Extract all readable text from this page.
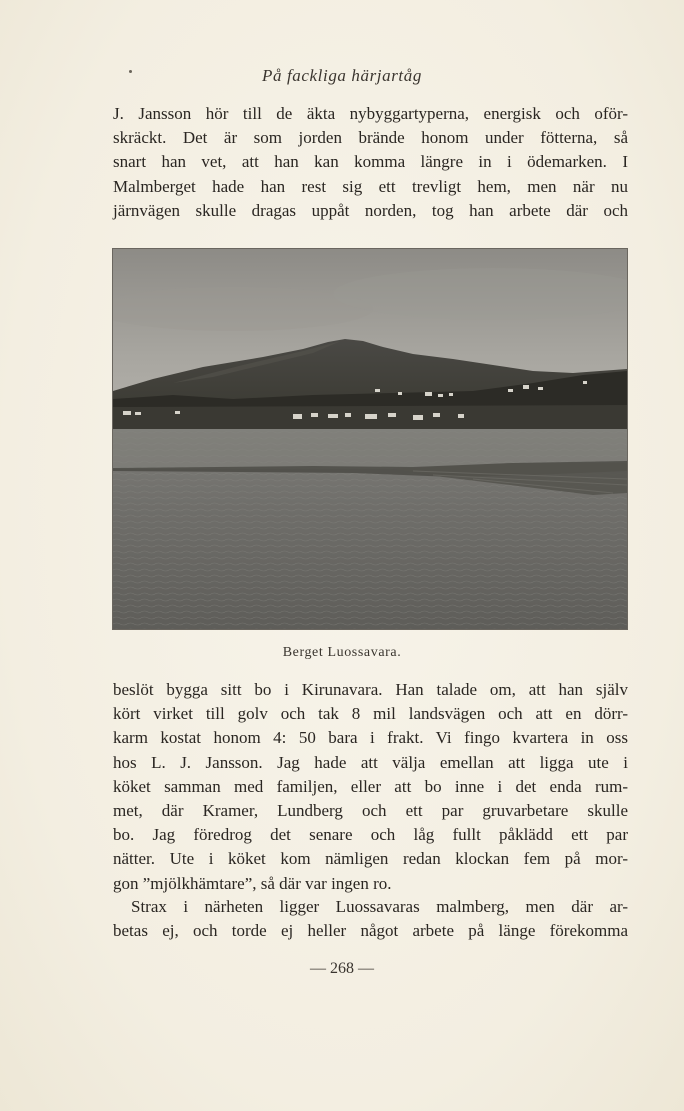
På fackliga härjartåg
J. Jansson hör till de äkta nybyggartyperna, energisk och oför-
skräckt. Det är som jorden brände honom under fötterna, så
snart han vet, att han kan komma längre in i ödemarken. I
Malmberget hade han rest sig ett trevligt hem, men när nu
järnvägen skulle dragas uppåt norden, tog han arbete där och
Berget Luossavara.
beslöt bygga sitt bo i Kirunavara. Han talade om, att han själv
kört virket till golv och tak 8 mil landsvägen och att en dörr-
karm kostat honom 4: 50 bara i frakt. Vi fingo kvartera in oss
hos L. J. Jansson. Jag hade att välja emellan att ligga ute i
köket samman med familjen, eller att bo inne i det enda rum-
met, där Kramer, Lundberg och ett par gruvarbetare skulle
bo. Jag föredrog det senare och låg fullt påklädd ett par
nätter. Ute i köket kom nämligen redan klockan fem på mor-
gon ”mjölkhämtare”, så där var ingen ro.
Strax i närheten ligger Luossavaras malmberg, men där ar-
betas ej, och torde ej heller något arbete på länge förekomma
— 268 —
